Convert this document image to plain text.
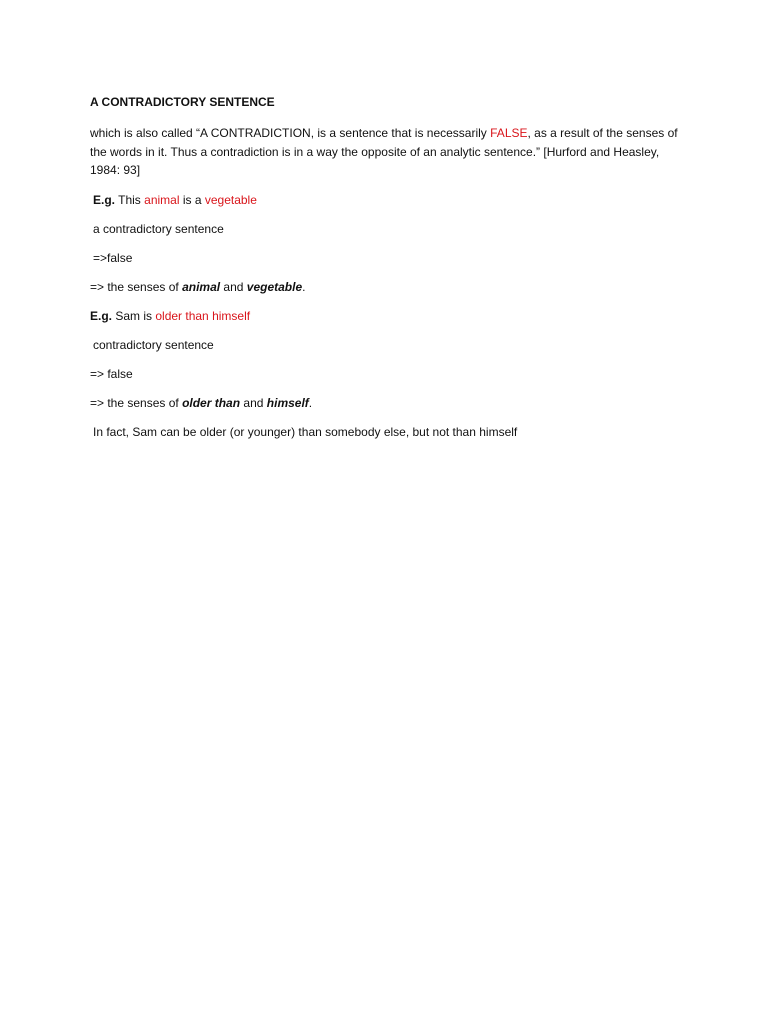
A CONTRADICTORY SENTENCE
which is also called “A CONTRADICTION, is a sentence that is necessarily FALSE, as a result of the senses of the words in it. Thus a contradiction is in a way the opposite of an analytic sentence.” [Hurford and Heasley, 1984: 93]
E.g. This animal is a vegetable
a contradictory sentence
=>false
=> the senses of animal and vegetable.
E.g. Sam is older than himself
contradictory sentence
=> false
=> the senses of older than and himself.
In fact, Sam can be older (or younger) than somebody else, but not than himself
